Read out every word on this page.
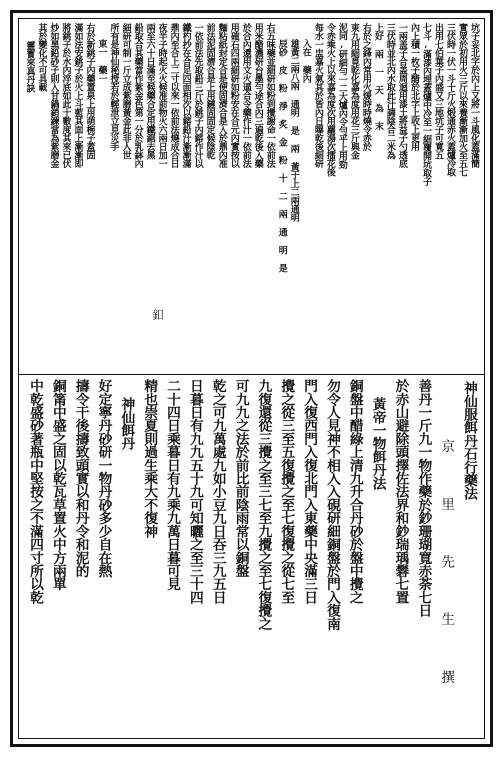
坑子妥北字於內上又將一斗風化蓋滿簡
實眾於初用火三斤以來養漸漸加火至五七
三伏時一伏一斗十斤火煅通赤火蓋爐冷取
出用七伯葉子內盛又三地坑子可寬五
七斗,滿漆內埋蓋爐中冷至一細覆開坑取子
內上積一枚子醋於北字上收上更用
一兩盖子合盖周迴用漆土將益子勺透底
三伏時並北內水取此汁調陰合二米為
上好 兩 一 天 為 末
右於之鋒內常用火煖時時燒令赤於
東九用細覓乾化嘉為度用花三斤與金
泥同,研細勻一二大爐內令勻平上用勁
令赤乘火上以來嘉為度次用蘿湯次擂花後
每水一盅嘉火氣其於皆內日曝乾後細研
入在 藥內
雄黃二兩八兩 通明 是 兩 黃于上二兩通明
辰砂 皮 粉 淨 炙 金 粉 十 二 兩 通 明 是
右五味藥並細研如粉到攪謝命一依前法
用米醋濃研台墨勻途合內三遍乾後入藥
於合內還用文火逼合令藥作汁一依前法
用確石四兩細研如粉安在合元內實按以
麵粘紙封定合是便固濟合是入於鼎內准
前法泥固濟合是上用鏈固固定候陰乾
一依前法先取鉛三斤於銚子內鎔作汁以
鐵杓抄在合足四面相次以鎔鉛汁漸漸滿
鼎內至合上二寸以來一依前法燒成合日
夜半子時起火火候准前物火六兩日加一
兩至六十日滿至候藥合定用鐵鋸去黑
鉛取合其藥當作紫金色第一分於乳鉢內
細研可制一斤立成紫磨黃金此非人世
所有是神仙秘授若於輕泄立見災手
東一 藥一
右於新銚子內藥置泉上用萌椀子蓋固
滿如法安銚子於火上斗藍其面上漸漸即
將銚子於水內淬底如此十數度其來已伏
炒如黑鉛砂子則入甘鍋銷鍊當為紫磨金
其於變化不可具載
靈寳來真丹訣
釦
神仙服餌丹石行藥法
京 里 先 生 撰
善丹一斤九一物作藥於鈔珊瑚寬赤荼七日
於赤山避除頭擇佐法界和鈔瑞瑀礬七置
黃帝一物餌丹法
銅盤中醋綠上清九升合丹砂於盤中攪之
勿令人見神不相入入硯研細銅盤於門入復南
門入復西門入復北門入東藥中央滿三日
攪之從三至五復攪之至七復攪之從七至
九復還從三攪之至三七至九攪之至七復攪之
可九九之法於前比前陰雨常以銅盤
乾之可九萬處九如小豆九日吞三九五日
日暮日有九九五十九可知曬之至三十四
二十四日乘暮日有九乘九萬日暮可見
精也崇夏則過生乘大不復神
神仙餌丹
好定寧丹砂研一物丹砂多少自在熱
擣令干後擣致頭實以和丹令和泥的
銅筩中盛之固以乾瓦草置火中方兩單
中乾盛砂著瓶中堅按之不滿四寸所以乾
